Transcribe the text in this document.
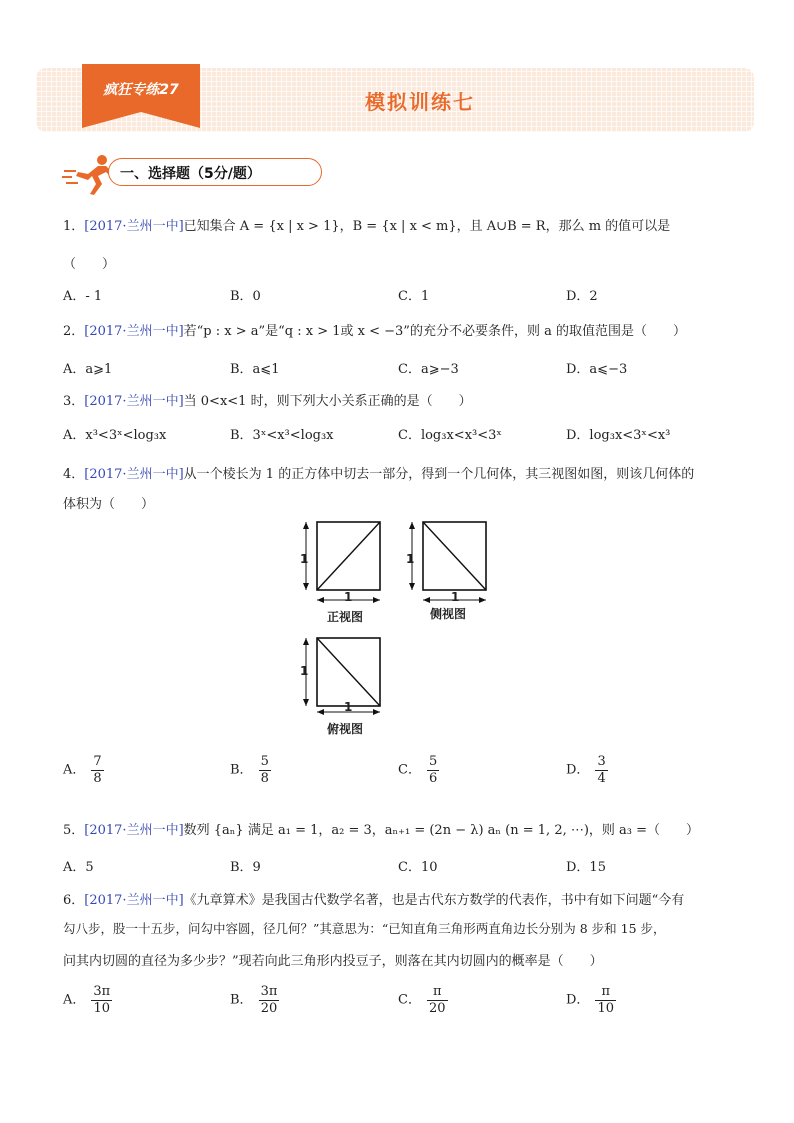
疯狂专练27	模拟训练七
一、选择题（5分/题）
1．[2017·兰州一中]已知集合 A = {x | x > 1}，B = {x | x < m}，且 A∪B = R，那么 m 的值可以是
（　　）
A．- 1	B．0	C．1	D．2
2．[2017·兰州一中]若“p : x > a”是“q : x > 1或 x < −3”的充分不必要条件，则 a 的取值范围是（　　）
A．a⩾1	B．a⩽1	C．a⩾−3	D．a⩽−3
3．[2017·兰州一中]当 0<x<1 时，则下列大小关系正确的是（　　）
A．x³<3ˣ<log₃x	B．3ˣ<x³<log₃x	C．log₃x<x³<3ˣ	D．log₃x<3ˣ<x³
4．[2017·兰州一中]从一个棱长为 1 的正方体中切去一部分，得到一个几何体，其三视图如图，则该几何体的
体积为（　　）
1
1
正视图
1
1
侧视图
1
1
俯视图
A． $\frac{7}{8}$	B． $\frac{5}{8}$	C． $\frac{5}{6}$	D． $\frac{3}{4}$
5．[2017·兰州一中]数列 {aₙ} 满足 a₁ = 1，a₂ = 3，aₙ₊₁ = (2n − λ) aₙ (n = 1, 2, ⋯)，则 a₃ =（　　）
A．5	B．9	C．10	D．15
6．[2017·兰州一中]《九章算术》是我国古代数学名著，也是古代东方数学的代表作，书中有如下问题“今有
勾八步，股一十五步，问勾中容圆，径几何？”其意思为：“已知直角三角形两直角边长分别为 8 步和 15 步，
问其内切圆的直径为多少步？”现若向此三角形内投豆子，则落在其内切圆内的概率是（　　）
A． $\frac{3\pi}{10}$	B． $\frac{3\pi}{20}$	C． $\frac{\pi}{20}$	D． $\frac{\pi}{10}$
